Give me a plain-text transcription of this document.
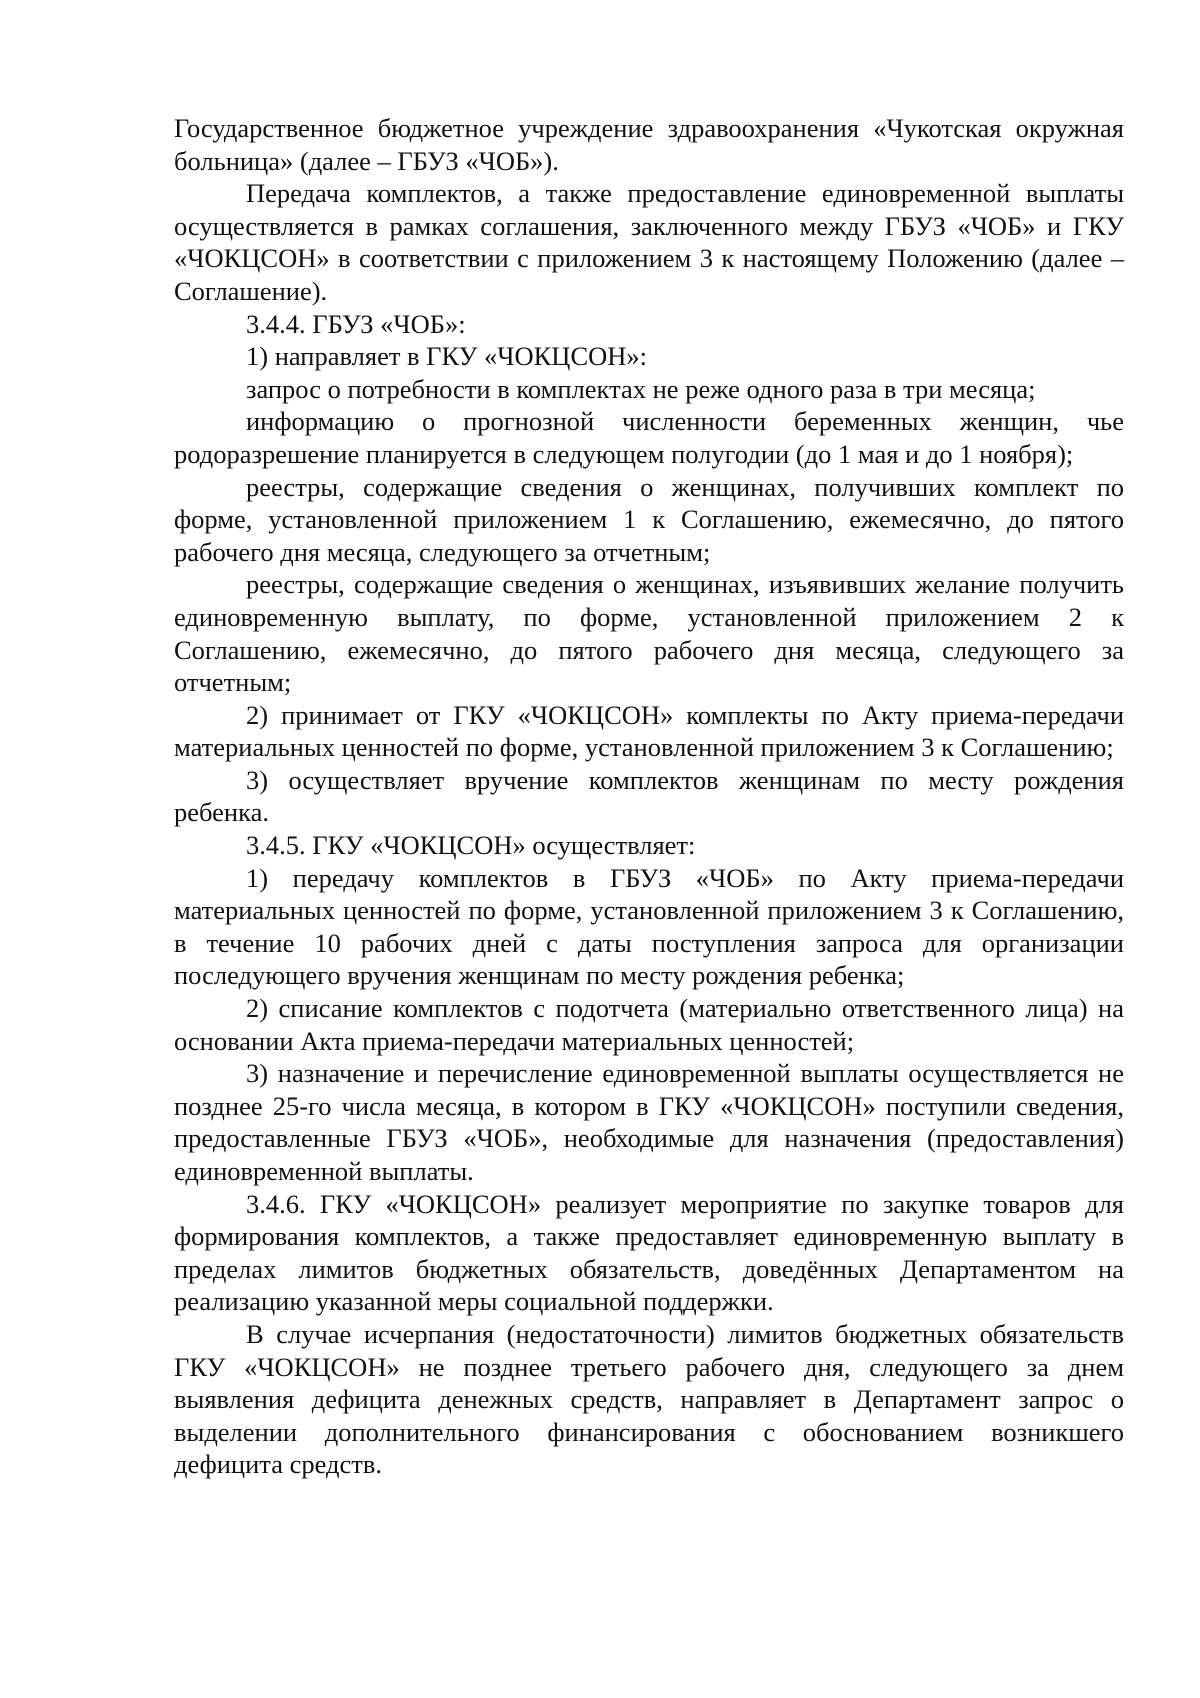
Государственное бюджетное учреждение здравоохранения «Чукотская окружная больница» (далее – ГБУЗ «ЧОБ»).

Передача комплектов, а также предоставление единовременной выплаты осуществляется в рамках соглашения, заключенного между ГБУЗ «ЧОБ» и ГКУ «ЧОКЦСОН» в соответствии с приложением 3 к настоящему Положению (далее – Соглашение).

3.4.4. ГБУЗ «ЧОБ»:

1) направляет в ГКУ «ЧОКЦСОН»:

запрос о потребности в комплектах не реже одного раза в три месяца;

информацию о прогнозной численности беременных женщин, чье родоразрешение планируется в следующем полугодии (до 1 мая и до 1 ноября);

реестры, содержащие сведения о женщинах, получивших комплект по форме, установленной приложением 1 к Соглашению, ежемесячно, до пятого рабочего дня месяца, следующего за отчетным;

реестры, содержащие сведения о женщинах, изъявивших желание получить единовременную выплату, по форме, установленной приложением 2 к Соглашению, ежемесячно, до пятого рабочего дня месяца, следующего за отчетным;

2) принимает от ГКУ «ЧОКЦСОН» комплекты по Акту приема-передачи материальных ценностей по форме, установленной приложением 3 к Соглашению;

3) осуществляет вручение комплектов женщинам по месту рождения ребенка.

3.4.5. ГКУ «ЧОКЦСОН» осуществляет:

1) передачу комплектов в ГБУЗ «ЧОБ» по Акту приема-передачи материальных ценностей по форме, установленной приложением 3 к Соглашению, в течение 10 рабочих дней с даты поступления запроса для организации последующего вручения женщинам по месту рождения ребенка;

2) списание комплектов с подотчета (материально ответственного лица) на основании Акта приема-передачи материальных ценностей;

3) назначение и перечисление единовременной выплаты осуществляется не позднее 25-го числа месяца, в котором в ГКУ «ЧОКЦСОН» поступили сведения, предоставленные ГБУЗ «ЧОБ», необходимые для назначения (предоставления) единовременной выплаты.

3.4.6. ГКУ «ЧОКЦСОН» реализует мероприятие по закупке товаров для формирования комплектов, а также предоставляет единовременную выплату в пределах лимитов бюджетных обязательств, доведённых Департаментом на реализацию указанной меры социальной поддержки.

В случае исчерпания (недостаточности) лимитов бюджетных обязательств ГКУ «ЧОКЦСОН» не позднее третьего рабочего дня, следующего за днем выявления дефицита денежных средств, направляет в Департамент запрос о выделении дополнительного финансирования с обоснованием возникшего дефицита средств.
